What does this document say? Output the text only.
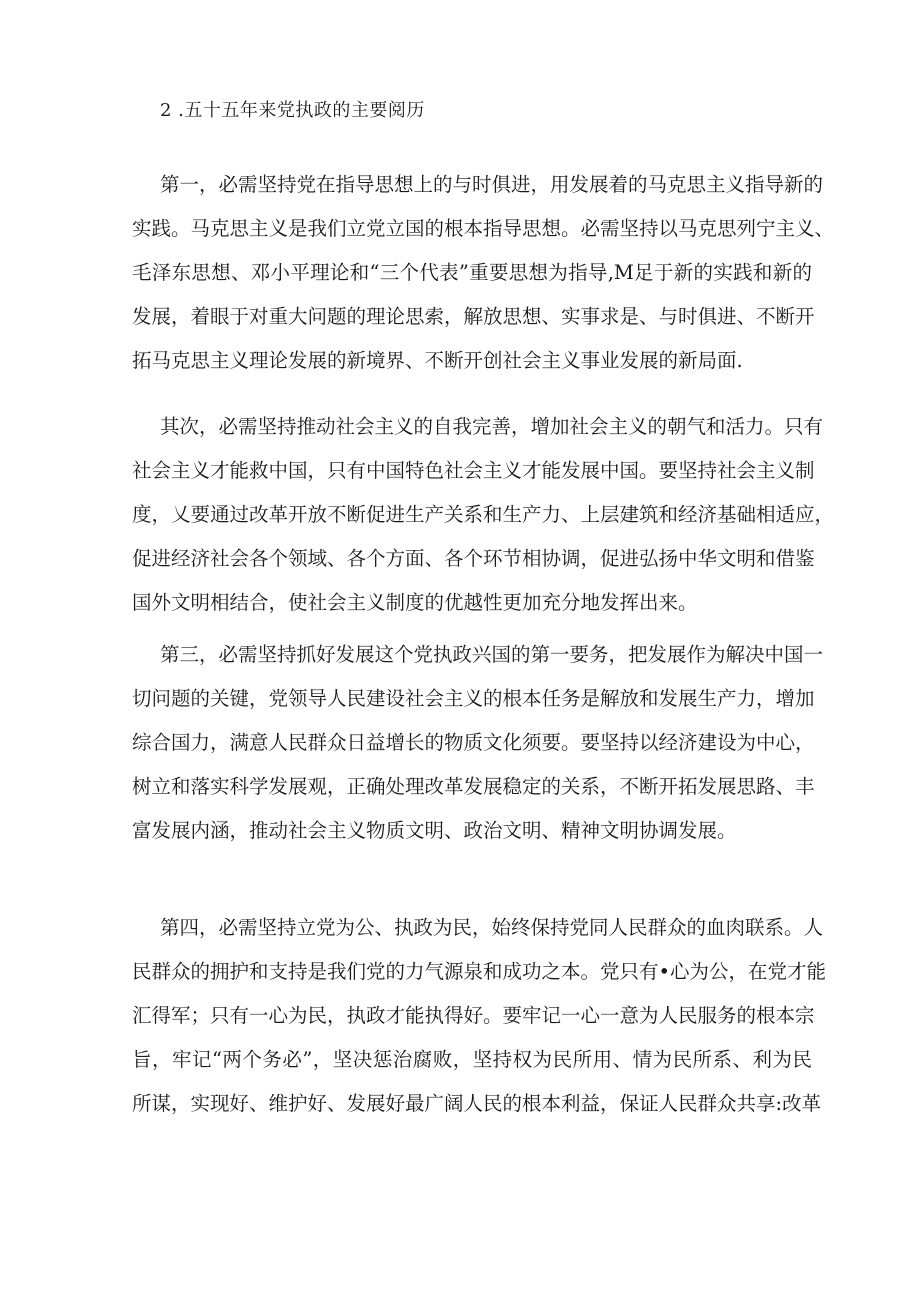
2 .五十五年来党执政的主要阅历
第一，必需坚持党在指导思想上的与时俱进，用发展着的马克思主义指导新的
实践。马克思主义是我们立党立国的根本指导思想。必需坚持以马克思列宁主义、
毛泽东思想、邓小平理论和“三个代表”重要思想为指导,M足于新的实践和新的
发展，着眼于对重大问题的理论思索，解放思想、实事求是、与时俱进、不断开
拓马克思主义理论发展的新境界、不断开创社会主义事业发展的新局面.
其次，必需坚持推动社会主义的自我完善，增加社会主义的朝气和活力。只有
社会主义才能救中国，只有中国特色社会主义才能发展中国。要坚持社会主义制
度，乂要通过改革开放不断促进生产关系和生产力、上层建筑和经济基础相适应，
促进经济社会各个领域、各个方面、各个环节相协调，促进弘扬中华文明和借鉴
国外文明相结合，使社会主义制度的优越性更加充分地发挥出来。
第三，必需坚持抓好发展这个党执政兴国的第一要务，把发展作为解决中国一
切问题的关键，党领导人民建设社会主义的根本任务是解放和发展生产力，增加
综合国力，满意人民群众日益增长的物质文化须要。要坚持以经济建设为中心，
树立和落实科学发展观，正确处理改革发展稳定的关系，不断开拓发展思路、丰
富发展内涵，推动社会主义物质文明、政治文明、精神文明协调发展。
第四，必需坚持立党为公、执政为民，始终保持党同人民群众的血肉联系。人
民群众的拥护和支持是我们党的力气源泉和成功之本。党只有•心为公，在党才能
汇得军；只有一心为民，执政才能执得好。要牢记一心一意为人民服务的根本宗
旨，牢记“两个务必”，坚决惩治腐败，坚持权为民所用、情为民所系、利为民
所谋，实现好、维护好、发展好最广阔人民的根本利益，保证人民群众共享:改革
